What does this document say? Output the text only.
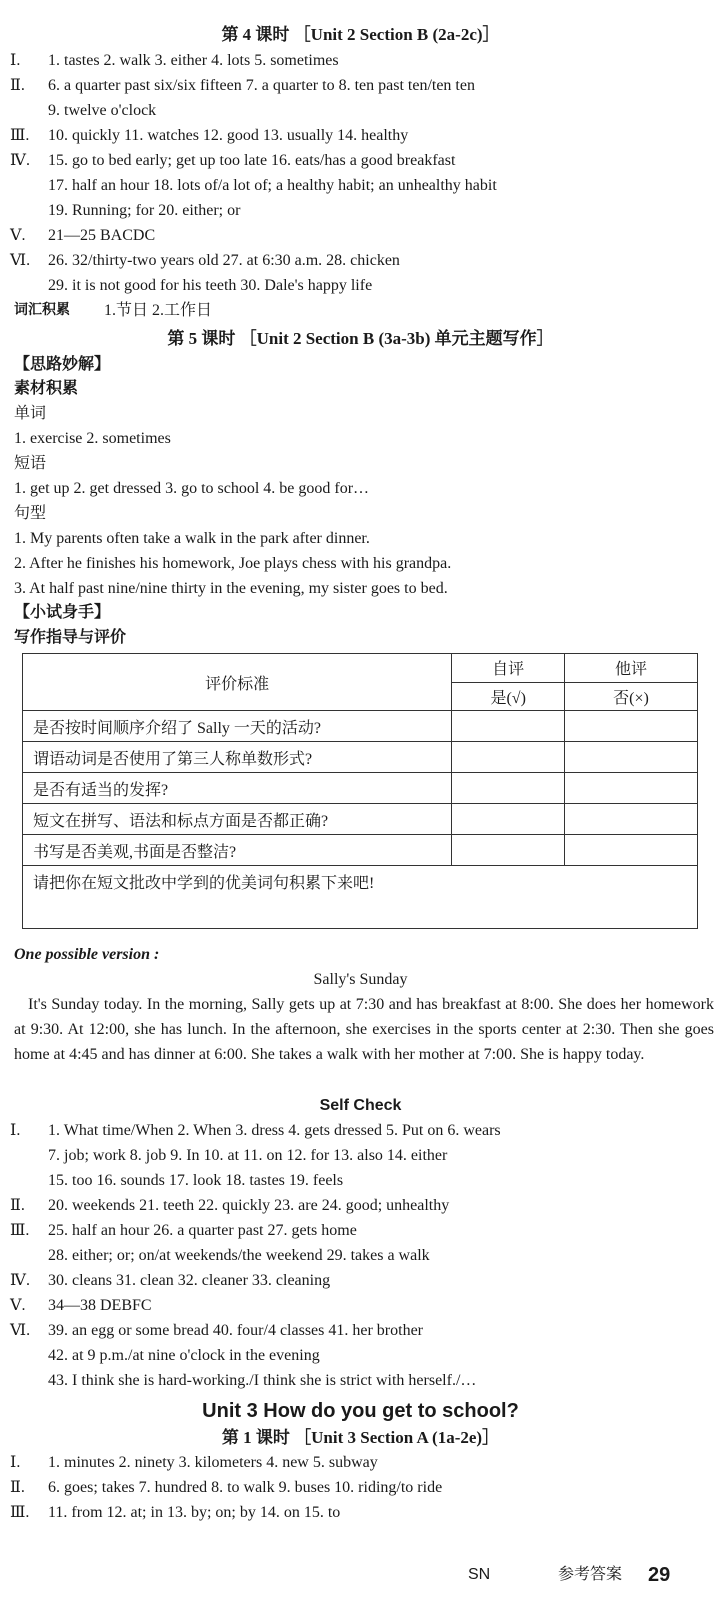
第 4 课时 ［Unit 2 Section B (2a-2c)］
Ⅰ. 1. tastes 2. walk 3. either 4. lots 5. sometimes
Ⅱ. 6. a quarter past six/six fifteen 7. a quarter to 8. ten past ten/ten ten
9. twelve o'clock
Ⅲ. 10. quickly 11. watches 12. good 13. usually 14. healthy
Ⅳ. 15. go to bed early; get up too late 16. eats/has a good breakfast
17. half an hour 18. lots of/a lot of; a healthy habit; an unhealthy habit
19. Running; for 20. either; or
Ⅴ. 21—25 BACDC
Ⅵ. 26. 32/thirty-two years old 27. at 6:30 a.m. 28. chicken
29. it is not good for his teeth 30. Dale's happy life
词汇积累 1.节日 2.工作日
第 5 课时 ［Unit 2 Section B (3a-3b) 单元主题写作］
【思路妙解】
素材积累
单词
1. exercise 2. sometimes
短语
1. get up 2. get dressed 3. go to school 4. be good for…
句型
1. My parents often take a walk in the park after dinner.
2. After he finishes his homework, Joe plays chess with his grandpa.
3. At half past nine/nine thirty in the evening, my sister goes to bed.
【小试身手】
写作指导与评价
评价标准	自评	他评
	是(√)	否(×)
是否按时间顺序介绍了 Sally 一天的活动?		
谓语动词是否使用了第三人称单数形式?		
是否有适当的发挥?		
短文在拼写、语法和标点方面是否都正确?		
书写是否美观,书面是否整洁?		
请把你在短文批改中学到的优美词句积累下来吧!		
One possible version :
Sally's Sunday
It's Sunday today. In the morning, Sally gets up at 7:30 and has breakfast at 8:00. She does her homework at 9:30. At 12:00, she has lunch. In the afternoon, she exercises in the sports center at 2:30. Then she goes home at 4:45 and has dinner at 6:00. She takes a walk with her mother at 7:00. She is happy today.
Self Check
Ⅰ. 1. What time/When 2. When 3. dress 4. gets dressed 5. Put on 6. wears
7. job; work 8. job 9. In 10. at 11. on 12. for 13. also 14. either
15. too 16. sounds 17. look 18. tastes 19. feels
Ⅱ. 20. weekends 21. teeth 22. quickly 23. are 24. good; unhealthy
Ⅲ. 25. half an hour 26. a quarter past 27. gets home
28. either; or; on/at weekends/the weekend 29. takes a walk
Ⅳ. 30. cleans 31. clean 32. cleaner 33. cleaning
Ⅴ. 34—38 DEBFC
Ⅵ. 39. an egg or some bread 40. four/4 classes 41. her brother
42. at 9 p.m./at nine o'clock in the evening
43. I think she is hard-working./I think she is strict with herself./…
Unit 3 How do you get to school?
第 1 课时 ［Unit 3 Section A (1a-2e)］
Ⅰ. 1. minutes 2. ninety 3. kilometers 4. new 5. subway
Ⅱ. 6. goes; takes 7. hundred 8. to walk 9. buses 10. riding/to ride
Ⅲ. 11. from 12. at; in 13. by; on; by 14. on 15. to
SN	参考答案 29
